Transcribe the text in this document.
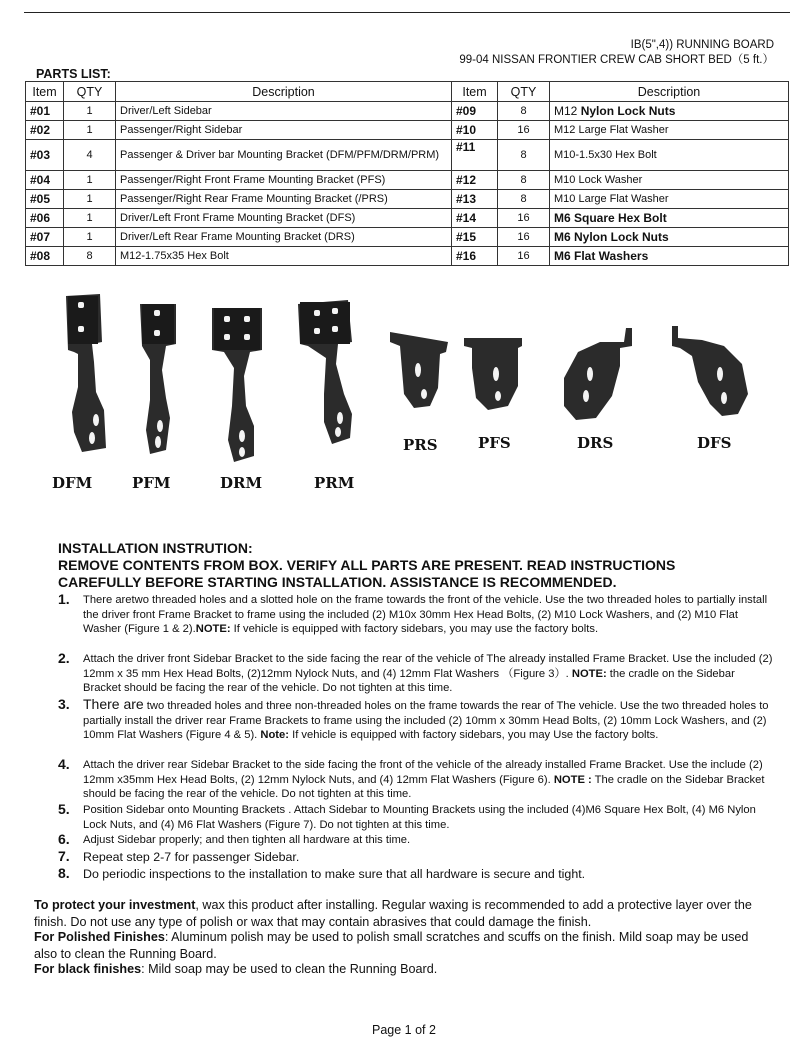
IB(5",4)) RUNNING BOARD
99-04 NISSAN FRONTIER CREW CAB SHORT BED（5 ft.）
PARTS LIST:
Item	QTY	Description	Item	QTY	Description
#01	1	Driver/Left Sidebar	#09	8	M12 Nylon Lock Nuts
#02	1	Passenger/Right Sidebar	#10	16	M12 Large Flat Washer
#03	4	Passenger & Driver bar Mounting Bracket (DFM/PFM/DRM/PRM)	#11	8	M10-1.5x30 Hex Bolt
#04	1	Passenger/Right Front Frame Mounting Bracket (PFS)	#12	8	M10 Lock Washer
#05	1	Passenger/Right Rear Frame Mounting Bracket (/PRS)	#13	8	M10 Large Flat Washer
#06	1	Driver/Left Front Frame Mounting Bracket (DFS)	#14	16	M6 Square Hex Bolt
#07	1	Driver/Left Rear Frame Mounting Bracket (DRS)	#15	16	M6 Nylon Lock Nuts
#08	8	M12-1.75x35 Hex Bolt	#16	16	M6 Flat Washers
DFM	PFM	DRM	PRM
PRS	PFS	DRS	DFS
INSTALLATION INSTRUTION:
REMOVE CONTENTS FROM BOX. VERIFY ALL PARTS ARE PRESENT. READ INSTRUCTIONS
CAREFULLY BEFORE STARTING INSTALLATION. ASSISTANCE IS RECOMMENDED.
1. There aretwo threaded holes and a slotted hole on the frame towards the front of the vehicle. Use the two threaded holes to partially install the driver front Frame Bracket to frame using the included (2) M10x 30mm Hex Head Bolts, (2) M10 Lock Washers, and (2) M10 Flat Washer (Figure 1 & 2).NOTE: If vehicle is equipped with factory sidebars, you may use the factory bolts.
2. Attach the driver front Sidebar Bracket to the side facing the rear of the vehicle of The already installed Frame Bracket. Use the included (2) 12mm x 35 mm Hex Head Bolts, (2)12mm Nylock Nuts, and (4) 12mm Flat Washers （Figure 3）. NOTE: the cradle on the Sidebar Bracket should be facing the rear of the vehicle. Do not tighten at this time.
3. There are two threaded holes and three non-threaded holes on the frame towards the rear of The vehicle. Use the two threaded holes to partially install the driver rear Frame Brackets to frame using the included (2) 10mm x 30mm Head Bolts, (2) 10mm Lock Washers, and (2) 10mm Flat Washers (Figure 4 & 5). Note: If vehicle is equipped with factory sidebars, you may Use the factory bolts.
4. Attach the driver rear Sidebar Bracket to the side facing the front of the vehicle of the already installed Frame Bracket. Use the include (2) 12mm x35mm Hex Head Bolts, (2) 12mm Nylock Nuts, and (4) 12mm Flat Washers (Figure 6). NOTE : The cradle on the Sidebar Bracket should be facing the rear of the vehicle. Do not tighten at this time.
5. Position Sidebar onto Mounting Brackets . Attach Sidebar to Mounting Brackets using the included (4)M6 Square Hex Bolt, (4) M6 Nylon Lock Nuts, and (4) M6 Flat Washers (Figure 7). Do not tighten at this time.
6. Adjust Sidebar properly; and then tighten all hardware at this time.
7. Repeat step 2-7 for passenger Sidebar.
8. Do periodic inspections to the installation to make sure that all hardware is secure and tight.
To protect your investment, wax this product after installing. Regular waxing is recommended to add a protective layer over the finish. Do not use any type of polish or wax that may contain abrasives that could damage the finish.
For Polished Finishes: Aluminum polish may be used to polish small scratches and scuffs on the finish. Mild soap may be used also to clean the Running Board.
For black finishes: Mild soap may be used to clean the Running Board.
Page 1 of 2
